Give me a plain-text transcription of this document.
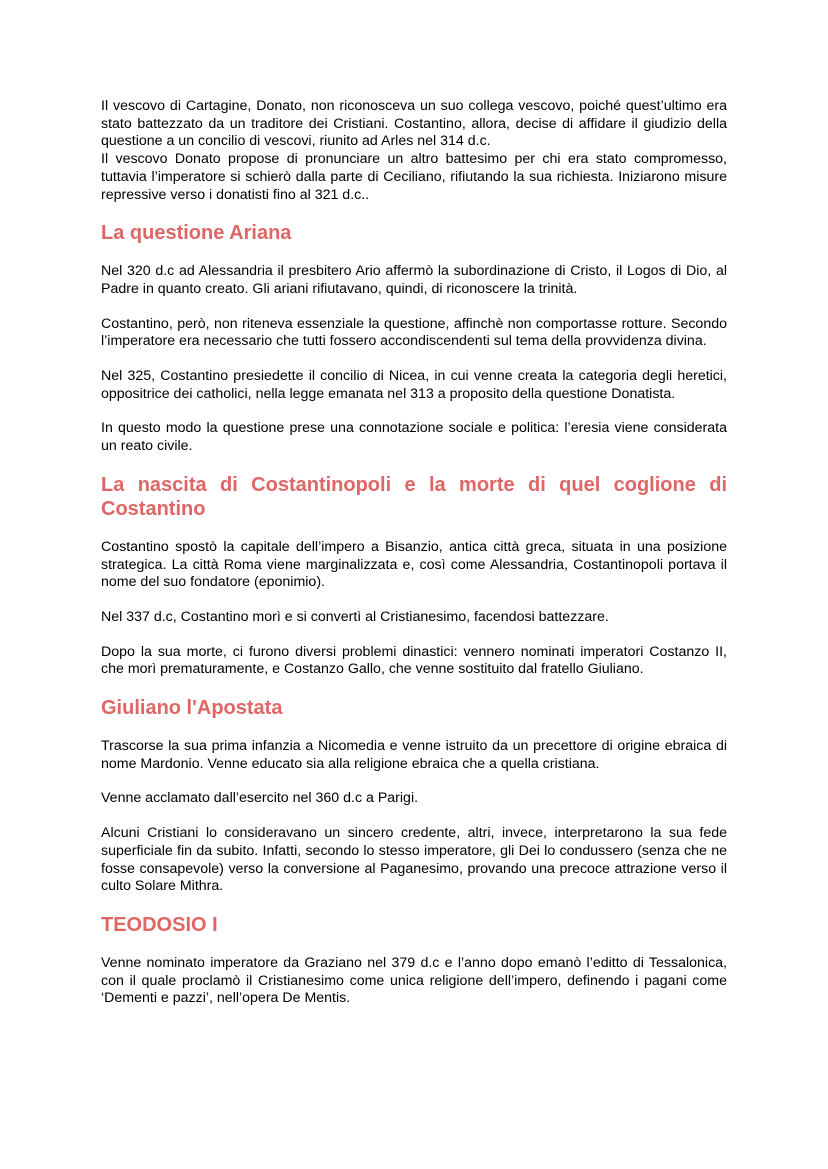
Il vescovo di Cartagine, Donato, non riconosceva un suo collega vescovo, poiché quest’ultimo era stato battezzato da un traditore dei Cristiani. Costantino, allora, decise di affidare il giudizio della questione a un concilio di vescovi, riunito ad Arles nel 314 d.c.

Il vescovo Donato propose di pronunciare un altro battesimo per chi era stato compromesso, tuttavia l’imperatore si schierò dalla parte di Ceciliano, rifiutando la sua richiesta. Iniziarono misure repressive verso i donatisti fino al 321 d.c..

La questione Ariana

Nel 320 d.c ad Alessandria il presbitero Ario affermò la subordinazione di Cristo, il Logos di Dio, al Padre in quanto creato. Gli ariani rifiutavano, quindi, di riconoscere la trinità.

Costantino, però, non riteneva essenziale la questione, affinchè non comportasse rotture. Secondo l’imperatore era necessario che tutti fossero accondiscendenti sul tema della provvidenza divina.

Nel 325, Costantino presiedette il concilio di Nicea, in cui venne creata la categoria degli heretici, oppositrice dei catholici, nella legge emanata nel 313 a proposito della questione Donatista.

In questo modo la questione prese una connotazione sociale e politica: l’eresia viene considerata un reato civile.

La nascita di Costantinopoli e la morte di quel coglione di Costantino

Costantino spostò la capitale dell’impero a Bisanzio, antica città greca, situata in una posizione strategica. La città Roma viene marginalizzata e, così come Alessandria, Costantinopoli portava il nome del suo fondatore (eponimio).

Nel 337 d.c, Costantino morì e si convertì al Cristianesimo, facendosi battezzare.

Dopo la sua morte, ci furono diversi problemi dinastici: vennero nominati imperatori Costanzo II, che morì prematuramente, e Costanzo Gallo, che venne sostituito dal fratello Giuliano.

Giuliano l'Apostata

Trascorse la sua prima infanzia a Nicomedia e venne istruito da un precettore di origine ebraica di nome Mardonio. Venne educato sia alla religione ebraica che a quella cristiana.

Venne acclamato dall’esercito nel 360 d.c a Parigi.

Alcuni Cristiani lo consideravano un sincero credente, altri, invece, interpretarono la sua fede superficiale fin da subito. Infatti, secondo lo stesso imperatore, gli Dei lo condussero (senza che ne fosse consapevole) verso la conversione al Paganesimo, provando una precoce attrazione verso il culto Solare Mithra.

TEODOSIO I

Venne nominato imperatore da Graziano nel 379 d.c e l’anno dopo emanò l’editto di Tessalonica, con il quale proclamò il Cristianesimo come unica religione dell’impero, definendo i pagani come ‘Dementi e pazzi’, nell’opera De Mentis.
